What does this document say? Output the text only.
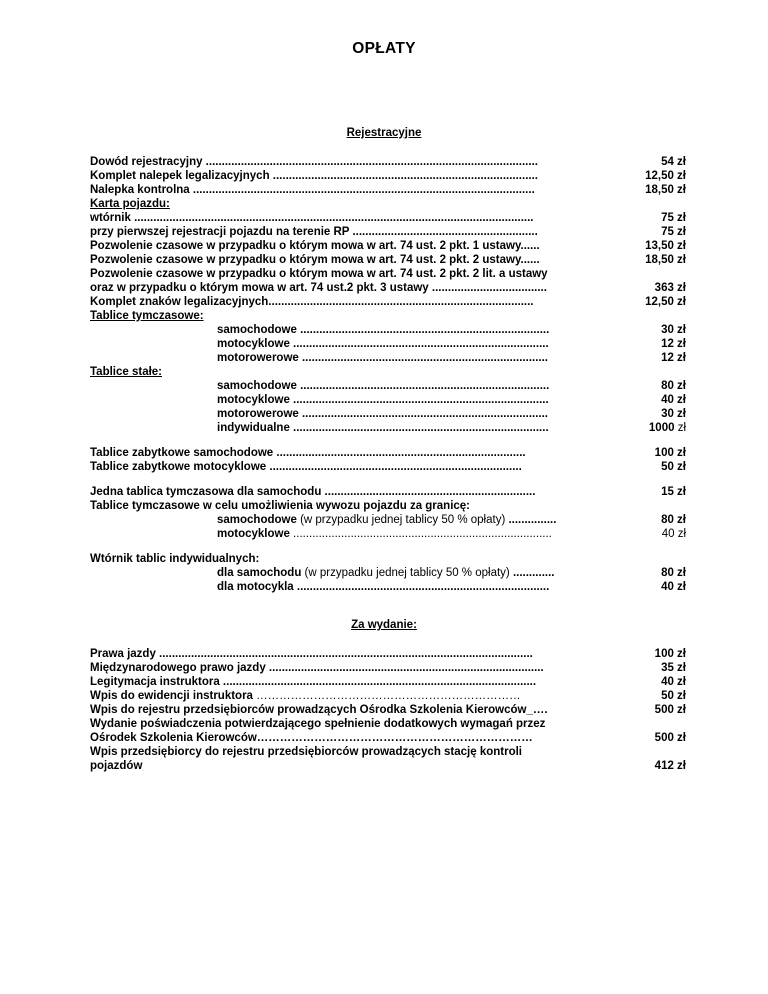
OPŁATY
Rejestracyjne
Dowód rejestracyjny ........................................................................................................	54 zł
Komplet nalepek legalizacyjnych ...................................................................................	12,50 zł
Nalepka kontrolna ...........................................................................................................	18,50 zł
Karta pojazdu:
wtórnik .............................................................................................................................	75 zł
przy pierwszej rejestracji pojazdu na terenie RP ..........................................................	75 zł
Pozwolenie czasowe w przypadku o którym mowa w art. 74 ust. 2 pkt. 1 ustawy......	13,50 zł
Pozwolenie czasowe w przypadku o którym mowa w art. 74 ust. 2 pkt. 2 ustawy......	18,50 zł
Pozwolenie czasowe w przypadku o którym mowa w art. 74 ust. 2 pkt. 2 lit. a ustawy
oraz w przypadku o którym mowa w art. 74 ust.2 pkt. 3 ustawy ....................................	363 zł
Komplet znaków legalizacyjnych...................................................................................	12,50 zł
Tablice tymczasowe:
samochodowe ..............................................................................	30 zł
motocyklowe ................................................................................	12 zł
motorowerowe .............................................................................	12 zł
Tablice stałe:
samochodowe ..............................................................................	80 zł
motocyklowe ................................................................................	40 zł
motorowerowe .............................................................................	30 zł
indywidualne ................................................................................	1000 zł
Tablice zabytkowe samochodowe ..............................................................................	100 zł
Tablice zabytkowe motocyklowe ...............................................................................	50 zł
Jedna tablica tymczasowa dla samochodu ..................................................................	15 zł
Tablice tymczasowe w celu umożliwienia wywozu pojazdu za granicę:
samochodowe (w przypadku jednej tablicy 50 % opłaty) ...............	80 zł
motocyklowe .................................................................................	40 zł
Wtórnik tablic indywidualnych:
dla samochodu (w przypadku jednej tablicy 50 % opłaty) .............	80 zł
dla motocykla ...............................................................................	40 zł
Za wydanie:
Prawa jazdy .....................................................................................................................	100 zł
Międzynarodowego prawo jazdy ......................................................................................	35 zł
Legitymacja instruktora ..................................................................................................	40 zł
Wpis do ewidencji instruktora ……………………………………………………………	50 zł
Wpis do rejestru przedsiębiorców prowadzących Ośrodka Szkolenia Kierowców_….	500 zł
Wydanie poświadczenia potwierdzającego spełnienie dodatkowych wymagań przez
Ośrodek Szkolenia Kierowców………………………………………………………………	500 zł
Wpis przedsiębiorcy do rejestru przedsiębiorców prowadzących stację kontroli
pojazdów	412 zł
